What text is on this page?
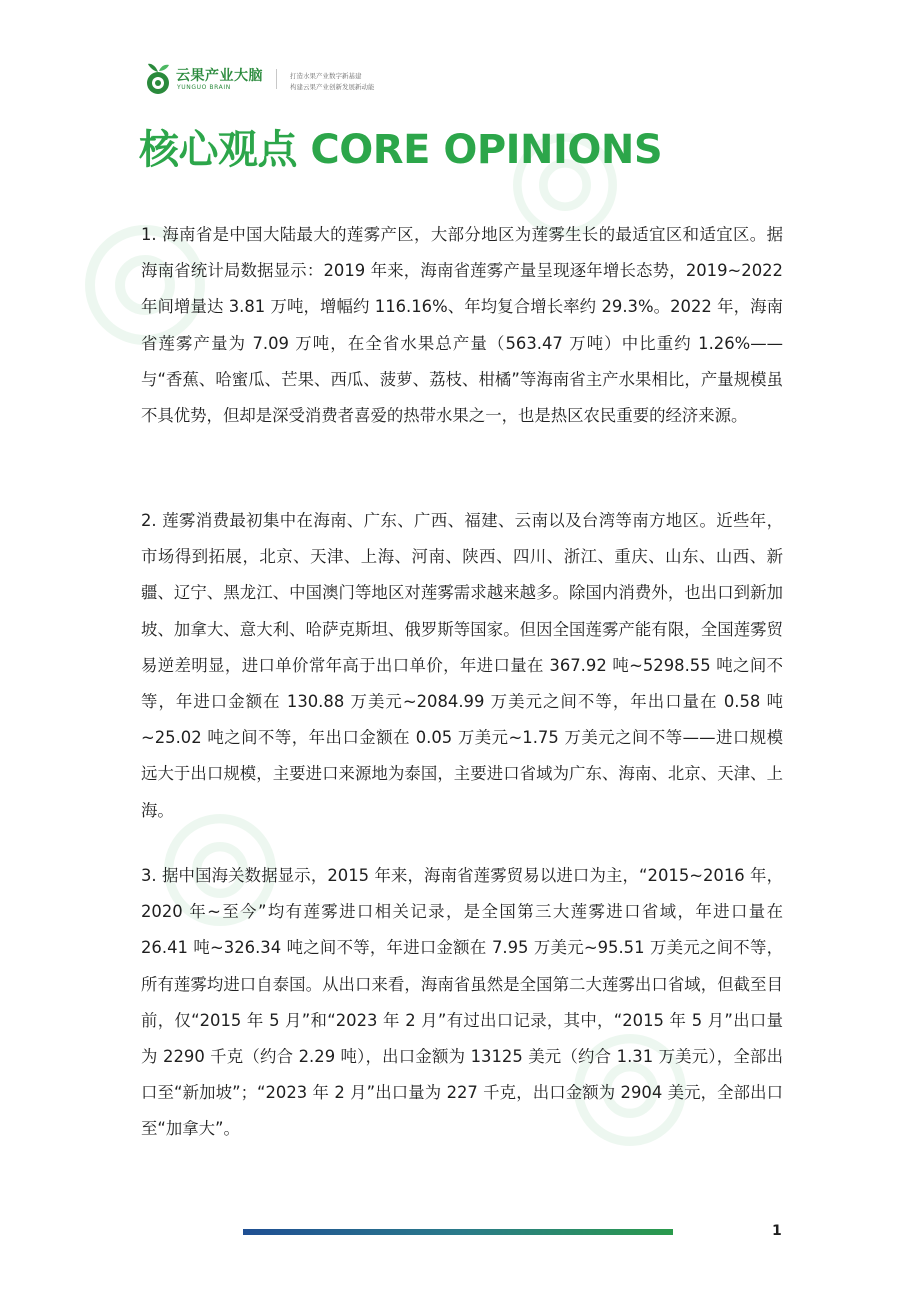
云果产业大脑
YUNGUO BRAIN
打造水果产业数字新基建
构建云果产业创新发展新动能
核心观点 CORE OPINIONS

1. 海南省是中国大陆最大的莲雾产区，大部分地区为莲雾生长的最适宜区和适宜区。据海南省统计局数据显示：2019 年来，海南省莲雾产量呈现逐年增长态势，2019~2022 年间增量达 3.81 万吨，增幅约 116.16%、年均复合增长率约 29.3%。2022 年，海南省莲雾产量为 7.09 万吨，在全省水果总产量（563.47 万吨）中比重约 1.26%——与“香蕉、哈蜜瓜、芒果、西瓜、菠萝、荔枝、柑橘”等海南省主产水果相比，产量规模虽不具优势，但却是深受消费者喜爱的热带水果之一，也是热区农民重要的经济来源。

2. 莲雾消费最初集中在海南、广东、广西、福建、云南以及台湾等南方地区。近些年，市场得到拓展，北京、天津、上海、河南、陕西、四川、浙江、重庆、山东、山西、新疆、辽宁、黑龙江、中国澳门等地区对莲雾需求越来越多。除国内消费外，也出口到新加坡、加拿大、意大利、哈萨克斯坦、俄罗斯等国家。但因全国莲雾产能有限，全国莲雾贸易逆差明显，进口单价常年高于出口单价，年进口量在 367.92 吨~5298.55 吨之间不等，年进口金额在 130.88 万美元~2084.99 万美元之间不等，年出口量在 0.58 吨~25.02 吨之间不等，年出口金额在 0.05 万美元~1.75 万美元之间不等——进口规模远大于出口规模，主要进口来源地为泰国，主要进口省域为广东、海南、北京、天津、上海。

3. 据中国海关数据显示，2015 年来，海南省莲雾贸易以进口为主，“2015~2016 年，2020 年~至今”均有莲雾进口相关记录，是全国第三大莲雾进口省域，年进口量在 26.41 吨~326.34 吨之间不等，年进口金额在 7.95 万美元~95.51 万美元之间不等，所有莲雾均进口自泰国。从出口来看，海南省虽然是全国第二大莲雾出口省域，但截至目前，仅“2015 年 5 月”和“2023 年 2 月”有过出口记录，其中，“2015 年 5 月”出口量为 2290 千克（约合 2.29 吨），出口金额为 13125 美元（约合 1.31 万美元），全部出口至“新加坡”；“2023 年 2 月”出口量为 227 千克，出口金额为 2904 美元，全部出口至“加拿大”。

1
